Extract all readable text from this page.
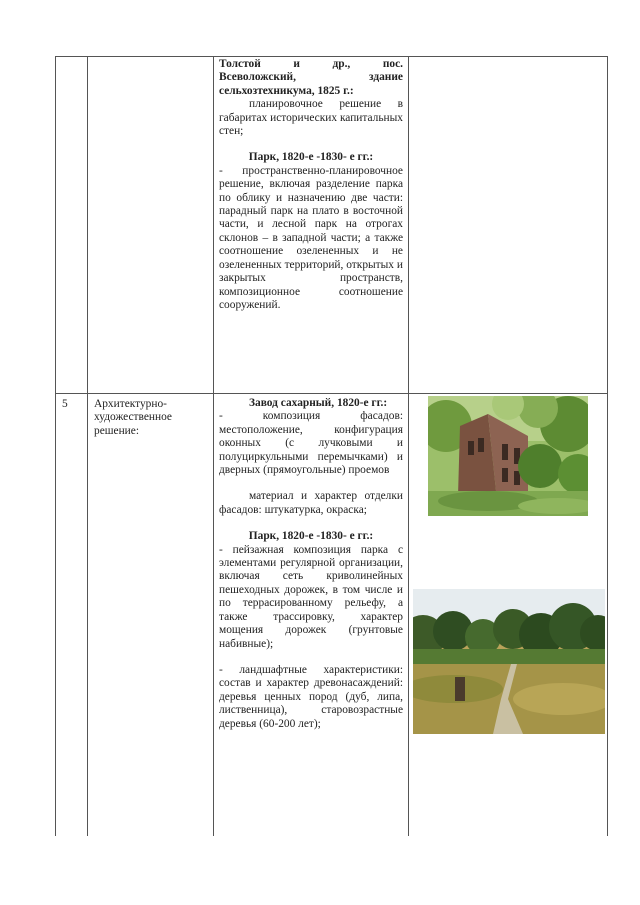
Толстой и др., пос.

Всеволожский, здание

сельхозтехникума, 1825 г.:

планировочное решение в габаритах исторических капитальных стен;

Парк, 1820-е -1830- е гг.:

- пространственно-планировочное решение, включая разделение парка по облику и назначению две части: парадный парк на плато в восточной части, и лесной парк на отрогах склонов – в западной части; а также соотношение озелененных и не озелененных территорий, открытых и закрытых пространств, композиционное соотношение сооружений.

5 Архитектурно-
художественное
решение:

Завод сахарный, 1820-е гг.:

- композиция фасадов: местоположение, конфигурация оконных (с лучковыми и полуциркульными перемычками) и дверных (прямоугольные) проемов

материал и характер отделки фасадов: штукатурка, окраска;

Парк, 1820-е -1830- е гг.:

- пейзажная композиция парка с элементами регулярной организации, включая сеть криволинейных пешеходных дорожек, в том числе и по террасированному рельефу, а также трассировку, характер мощения дорожек (грунтовые набивные);

- ландшафтные характеристики: состав и характер древонасаждений: деревья ценных пород (дуб, липа, лиственница), старовозрастные деревья (60-200 лет);
